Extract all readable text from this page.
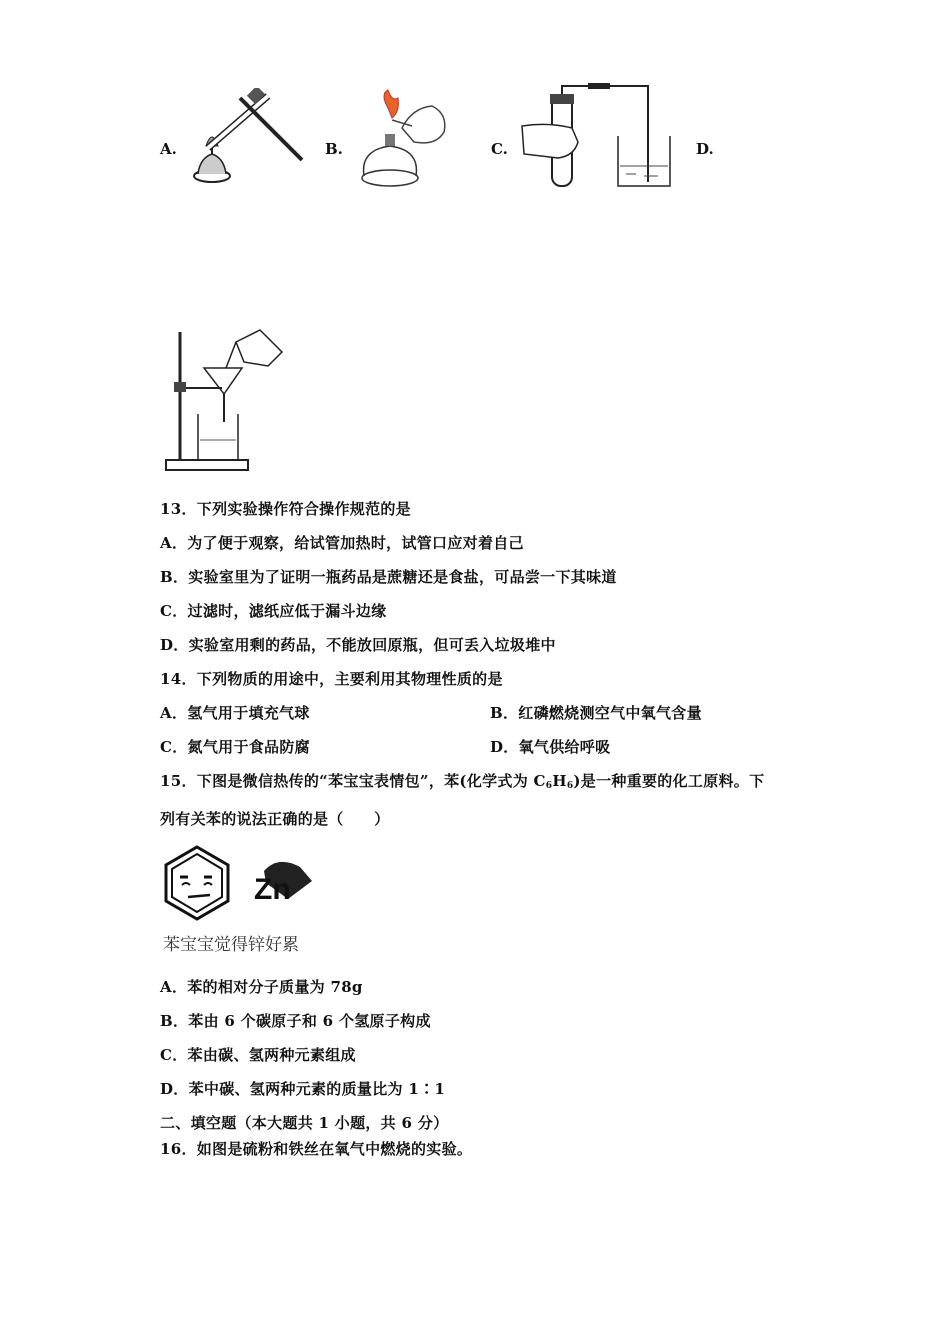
A.	B.	C.	D.
13．下列实验操作符合操作规范的是
A．为了便于观察，给试管加热时，试管口应对着自己
B．实验室里为了证明一瓶药品是蔗糖还是食盐，可品尝一下其味道
C．过滤时，滤纸应低于漏斗边缘
D．实验室用剩的药品，不能放回原瓶，但可丢入垃圾堆中
14．下列物质的用途中，主要利用其物理性质的是
A．氢气用于填充气球	B．红磷燃烧测空气中氧气含量
C．氮气用于食品防腐	D．氧气供给呼吸
15．下图是微信热传的“苯宝宝表情包”，苯(化学式为 $C_6H_6$)是一种重要的化工原料。下
列有关苯的说法正确的是（　　）
Zn
苯宝宝觉得锌好累
A．苯的相对分子质量为 78g
B．苯由 6 个碳原子和 6 个氢原子构成
C．苯由碳、氢两种元素组成
D．苯中碳、氢两种元素的质量比为 1∶1
二、填空题（本大题共 1 小题，共 6 分）
16．如图是硫粉和铁丝在氧气中燃烧的实验。
